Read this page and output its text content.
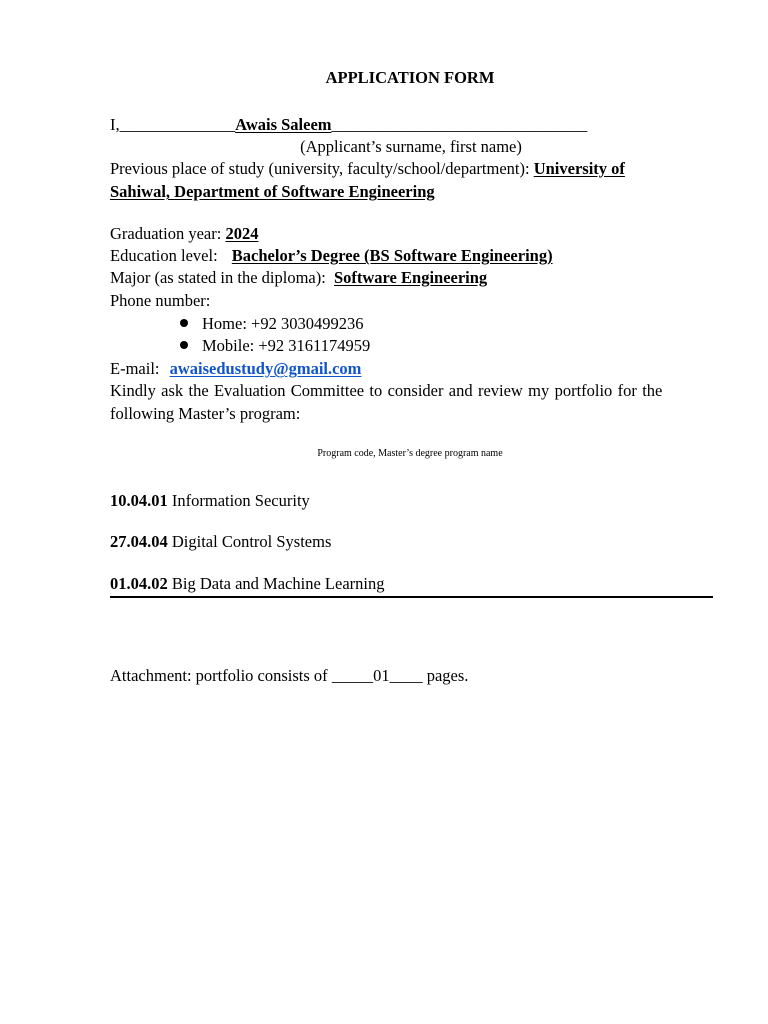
APPLICATION FORM
I,______________Awais Saleem_______________________________
(Applicant’s surname, first name)
Previous place of study (university, faculty/school/department): University of
Sahiwal, Department of Software Engineering
Graduation year: 2024
Education level: Bachelor’s Degree (BS Software Engineering)
Major (as stated in the diploma): Software Engineering
Phone number:
Home: +92 3030499236
Mobile: +92 3161174959
E-mail: awaisedustudy@gmail.com
Kindly ask the Evaluation Committee to consider and review my portfolio for the
following Master’s program:
Program code, Master’s degree program name
10.04.01 Information Security
27.04.04 Digital Control Systems
01.04.02 Big Data and Machine Learning
Attachment: portfolio consists of _____01____ pages.
